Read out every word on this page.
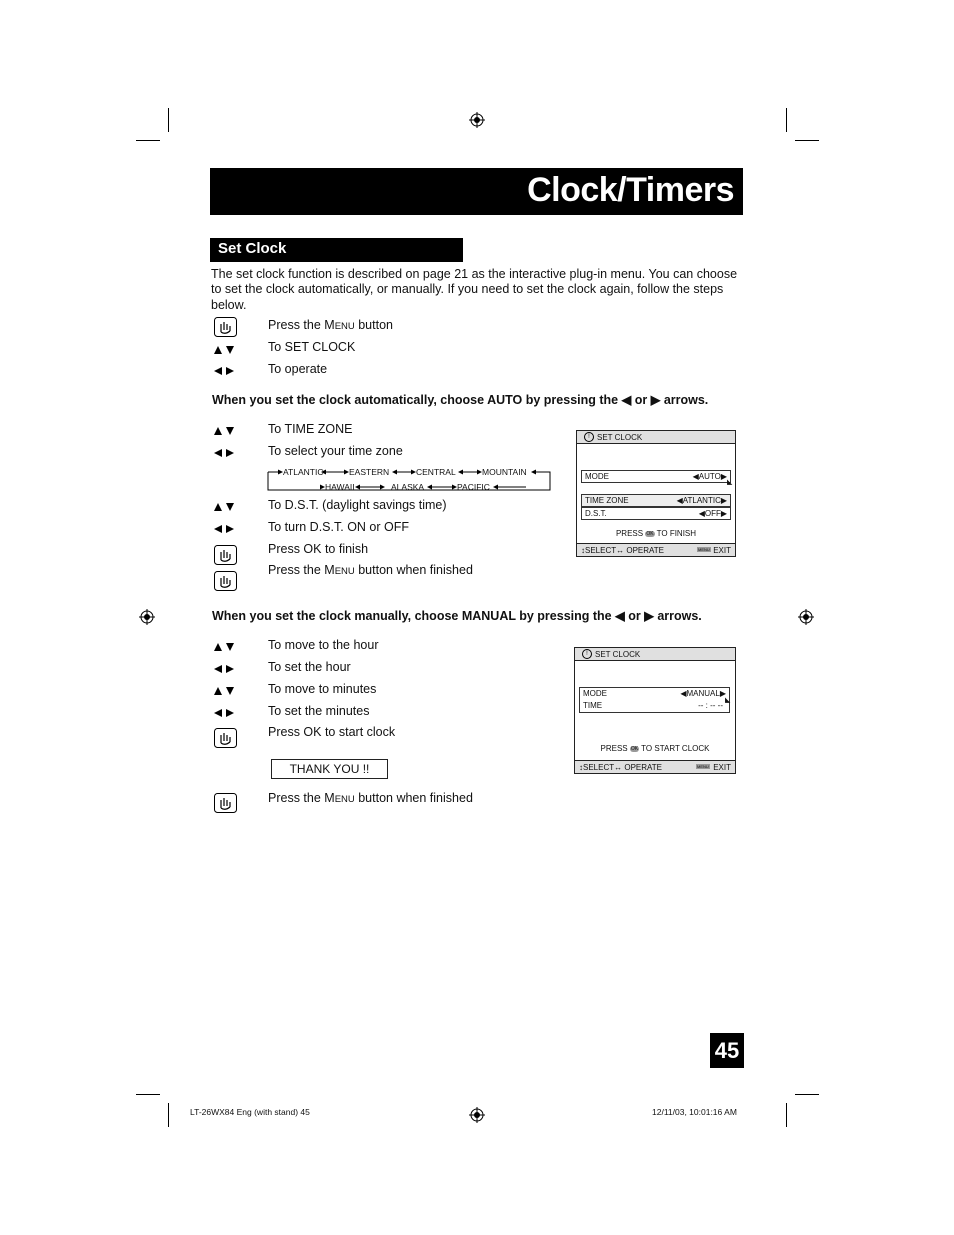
Clock/Timers
Set Clock
The set clock function is described on page 21 as the interactive plug-in menu. You can choose to set the clock automatically, or manually. If you need to set the clock again, follow the steps below.
Press the MENU button
To SET CLOCK
To operate
When you set the clock automatically, choose AUTO by pressing the ◀ or ▶ arrows.
To TIME ZONE
To select your time zone
ATLANTIC	EASTERN	CENTRAL	MOUNTAIN
HAWAII	ALASKA	PACIFIC
To D.S.T. (daylight savings time)
To turn D.S.T. ON or OFF
Press OK to finish
Press the MENU button when finished
! SET CLOCK
MODE	◀AUTO▶
◣
TIME ZONE	◀ATLANTIC▶
D.S.T.	◀OFF▶
PRESS OK TO FINISH
↕SELECT↔ OPERATE	MENU EXIT
When you set the clock manually, choose MANUAL by pressing the ◀ or ▶ arrows.
To move to the hour
To set the hour
To move to minutes
To set the minutes
Press OK to start clock
THANK YOU !!
Press the MENU button when finished
! SET CLOCK
MODE	◀MANUAL▶
TIME	-- : -- --
◣
PRESS OK TO START CLOCK
↕SELECT↔ OPERATE	MENU EXIT
45
LT-26WX84 Eng (with stand) 45	12/11/03, 10:01:16 AM
